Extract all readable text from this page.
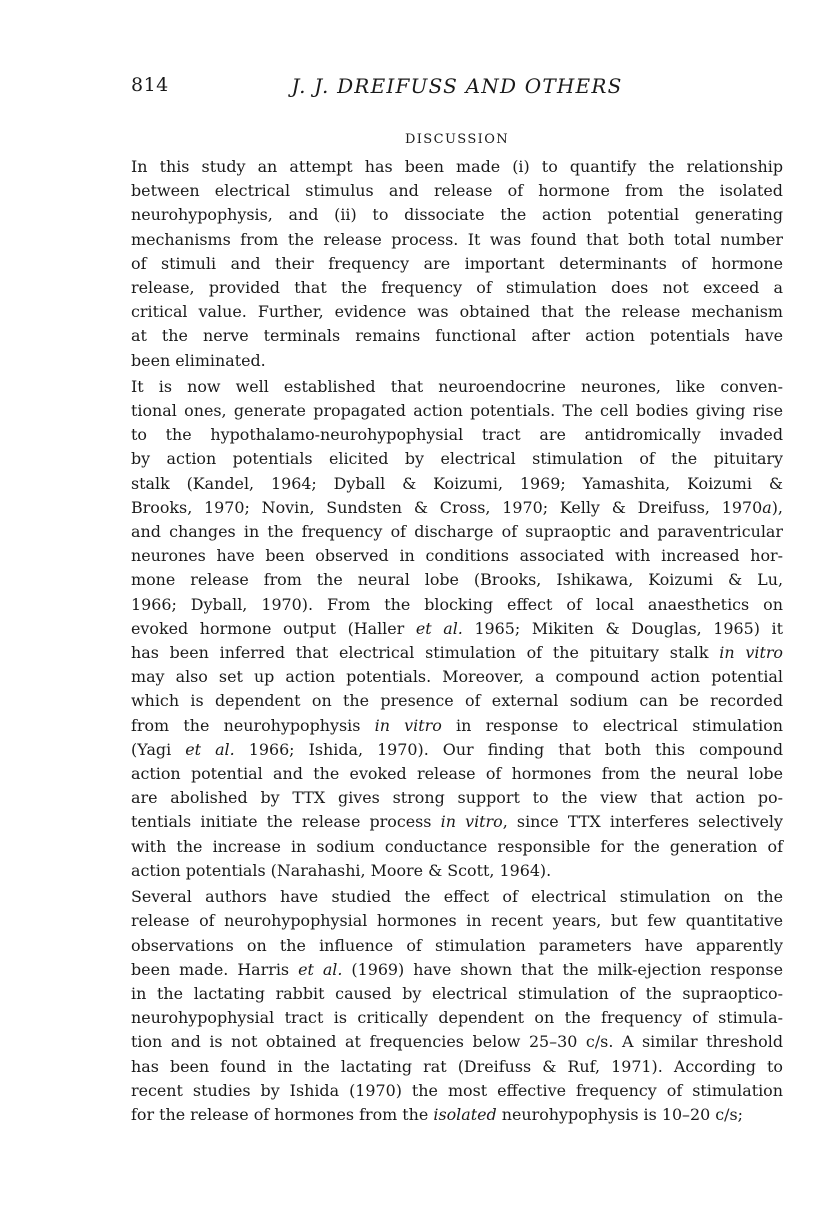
814	J. J. DREIFUSS AND OTHERS
DISCUSSION

In this study an attempt has been made (i) to quantify the relationship
between electrical stimulus and release of hormone from the isolated
neurohypophysis, and (ii) to dissociate the action potential generating
mechanisms from the release process. It was found that both total number
of stimuli and their frequency are important determinants of hormone
release, provided that the frequency of stimulation does not exceed a
critical value. Further, evidence was obtained that the release mechanism
at the nerve terminals remains functional after action potentials have
been eliminated.

It is now well established that neuroendocrine neurones, like conven-
tional ones, generate propagated action potentials. The cell bodies giving rise
to the hypothalamo-neurohypophysial tract are antidromically invaded
by action potentials elicited by electrical stimulation of the pituitary
stalk (Kandel, 1964; Dyball & Koizumi, 1969; Yamashita, Koizumi &
Brooks, 1970; Novin, Sundsten & Cross, 1970; Kelly & Dreifuss, 1970a),
and changes in the frequency of discharge of supraoptic and paraventricular
neurones have been observed in conditions associated with increased hor-
mone release from the neural lobe (Brooks, Ishikawa, Koizumi & Lu,
1966; Dyball, 1970). From the blocking effect of local anaesthetics on
evoked hormone output (Haller et al. 1965; Mikiten & Douglas, 1965) it
has been inferred that electrical stimulation of the pituitary stalk in vitro
may also set up action potentials. Moreover, a compound action potential
which is dependent on the presence of external sodium can be recorded
from the neurohypophysis in vitro in response to electrical stimulation
(Yagi et al. 1966; Ishida, 1970). Our finding that both this compound
action potential and the evoked release of hormones from the neural lobe
are abolished by TTX gives strong support to the view that action po-
tentials initiate the release process in vitro, since TTX interferes selectively
with the increase in sodium conductance responsible for the generation of
action potentials (Narahashi, Moore & Scott, 1964).

Several authors have studied the effect of electrical stimulation on the
release of neurohypophysial hormones in recent years, but few quantitative
observations on the influence of stimulation parameters have apparently
been made. Harris et al. (1969) have shown that the milk-ejection response
in the lactating rabbit caused by electrical stimulation of the supraoptico-
neurohypophysial tract is critically dependent on the frequency of stimula-
tion and is not obtained at frequencies below 25–30 c/s. A similar threshold
has been found in the lactating rat (Dreifuss & Ruf, 1971). According to
recent studies by Ishida (1970) the most effective frequency of stimulation
for the release of hormones from the isolated neurohypophysis is 10–20 c/s;
